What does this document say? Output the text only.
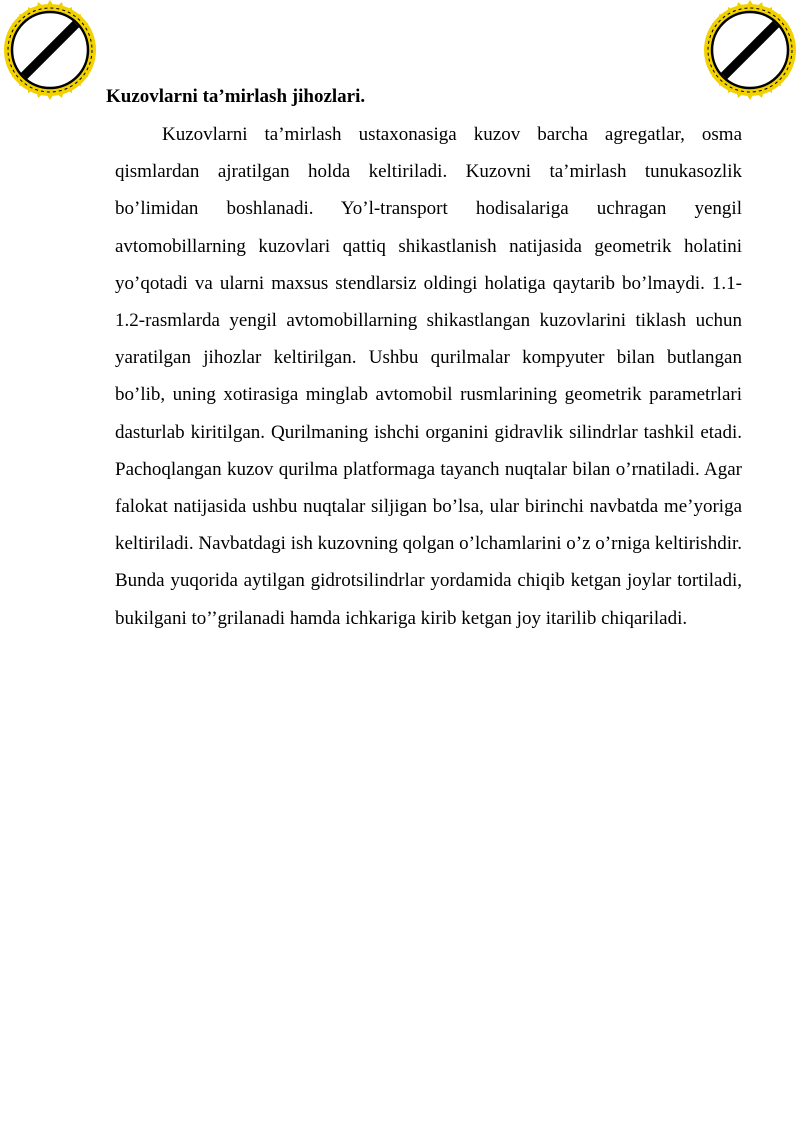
Kuzovlarni ta’mirlash jihozlari.

Kuzovlarni ta’mirlash ustaxonasiga kuzov barcha agregatlar, osma qismlardan ajratilgan holda keltiriladi. Kuzovni ta’mirlash tunukasozlik bo’limidan boshlanadi. Yo’l-transport hodisalariga uchragan yengil avtomobillarning kuzovlari qattiq shikastlanish natijasida geometrik holatini yo’qotadi va ularni maxsus stendlarsiz oldingi holatiga qaytarib bo’lmaydi. 1.1-1.2-rasmlarda yengil avtomobillarning shikastlangan kuzovlarini tiklash uchun yaratilgan jihozlar keltirilgan. Ushbu qurilmalar kompyuter bilan butlangan bo’lib, uning xotirasiga minglab avtomobil rusmlarining geometrik parametrlari dasturlab kiritilgan. Qurilmaning ishchi organini gidravlik silindrlar tashkil etadi. Pachoqlangan kuzov qurilma platformaga tayanch nuqtalar bilan o’rnatiladi. Agar falokat natijasida ushbu nuqtalar siljigan bo’lsa, ular birinchi navbatda me’yoriga keltiriladi. Navbatdagi ish kuzovning qolgan o’lchamlarini o’z o’rniga keltirishdir. Bunda yuqorida aytilgan gidrotsilindrlar yordamida chiqib ketgan joylar tortiladi, bukilgani to’’grilanadi hamda ichkariga kirib ketgan joy itarilib chiqariladi.
